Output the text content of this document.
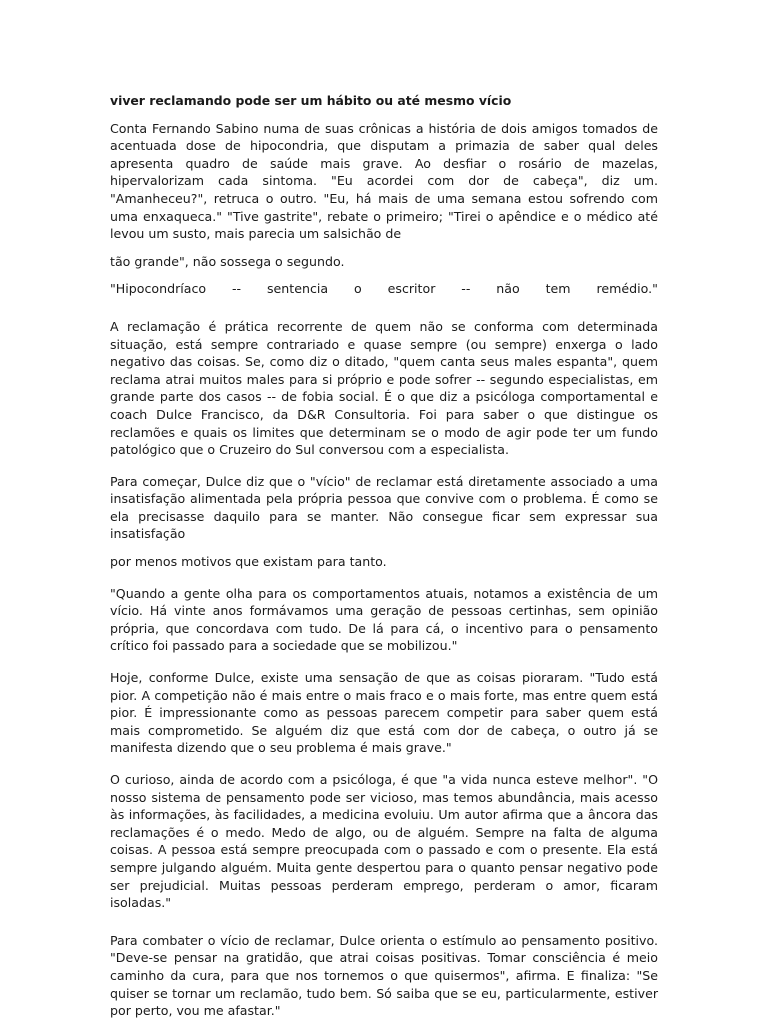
viver reclamando pode ser um hábito ou até mesmo vício

Conta Fernando Sabino numa de suas crônicas a história de dois amigos tomados de acentuada dose de hipocondria, que disputam a primazia de saber qual deles apresenta quadro de saúde mais grave. Ao desfiar o rosário de mazelas, hipervalorizam cada sintoma. "Eu acordei com dor de cabeça", diz um. "Amanheceu?", retruca o outro. "Eu, há mais de uma semana estou sofrendo com uma enxaqueca." "Tive gastrite", rebate o primeiro; "Tirei o apêndice e o médico até levou um susto, mais parecia um salsichão de

tão grande", não sossega o segundo.

"Hipocondríaco -- sentencia o escritor -- não tem remédio."

A reclamação é prática recorrente de quem não se conforma com determinada situação, está sempre contrariado e quase sempre (ou sempre) enxerga o lado negativo das coisas. Se, como diz o ditado, "quem canta seus males espanta", quem reclama atrai muitos males para si próprio e pode sofrer -- segundo especialistas, em grande parte dos casos -- de fobia social. É o que diz a psicóloga comportamental e coach Dulce Francisco, da D&R Consultoria. Foi para saber o que distingue os reclamões e quais os limites que determinam se o modo de agir pode ter um fundo patológico que o Cruzeiro do Sul conversou com a especialista.

Para começar, Dulce diz que o "vício" de reclamar está diretamente associado a uma insatisfação alimentada pela própria pessoa que convive com o problema. É como se ela precisasse daquilo para se manter. Não consegue ficar sem expressar sua insatisfação

por menos motivos que existam para tanto.

"Quando a gente olha para os comportamentos atuais, notamos a existência de um vício. Há vinte anos formávamos uma geração de pessoas certinhas, sem opinião própria, que concordava com tudo. De lá para cá, o incentivo para o pensamento crítico foi passado para a sociedade que se mobilizou."

Hoje, conforme Dulce, existe uma sensação de que as coisas pioraram. "Tudo está pior. A competição não é mais entre o mais fraco e o mais forte, mas entre quem está pior. É impressionante como as pessoas parecem competir para saber quem está mais comprometido. Se alguém diz que está com dor de cabeça, o outro já se manifesta dizendo que o seu problema é mais grave."

O curioso, ainda de acordo com a psicóloga, é que "a vida nunca esteve melhor". "O nosso sistema de pensamento pode ser vicioso, mas temos abundância, mais acesso às informações, às facilidades, a medicina evoluiu. Um autor afirma que a âncora das reclamações é o medo. Medo de algo, ou de alguém. Sempre na falta de alguma coisas. A pessoa está sempre preocupada com o passado e com o presente. Ela está sempre julgando alguém. Muita gente despertou para o quanto pensar negativo pode ser prejudicial. Muitas pessoas perderam emprego, perderam o amor, ficaram isoladas."

Para combater o vício de reclamar, Dulce orienta o estímulo ao pensamento positivo. "Deve-se pensar na gratidão, que atrai coisas positivas. Tomar consciência é meio caminho da cura, para que nos tornemos o que quisermos", afirma. E finaliza: "Se quiser se tornar um reclamão, tudo bem. Só saiba que se eu, particularmente, estiver por perto, vou me afastar."
